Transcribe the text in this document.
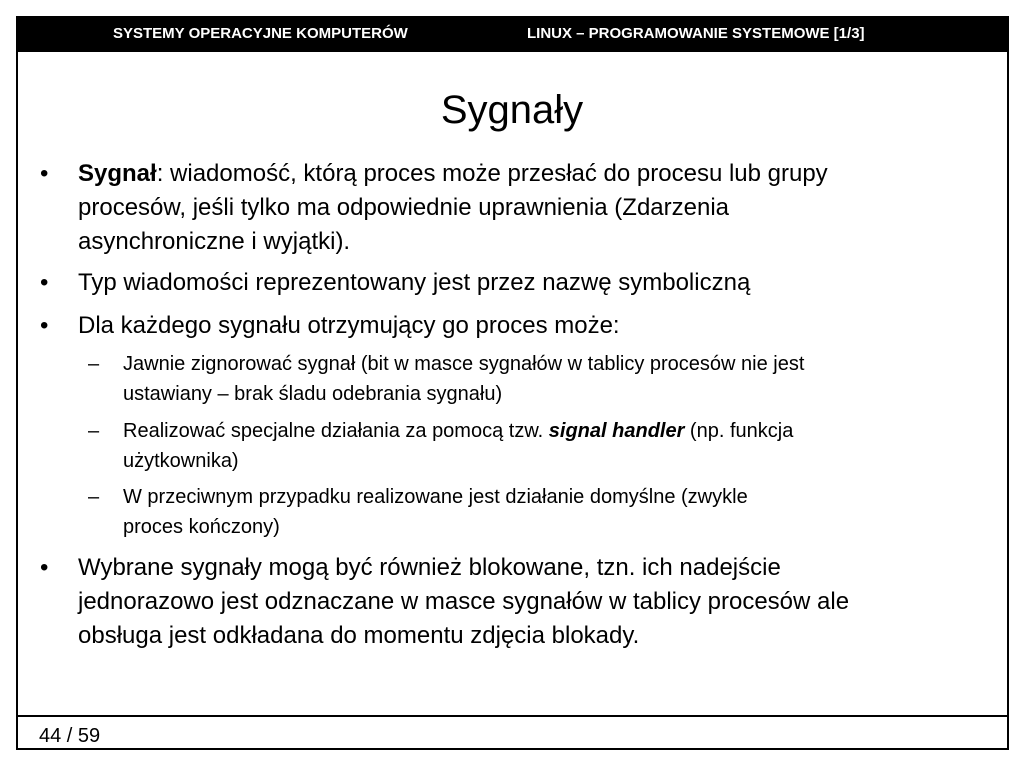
SYSTEMY OPERACYJNE KOMPUTERÓW	LINUX – PROGRAMOWANIE SYSTEMOWE [1/3]
Sygnały
• Sygnał: wiadomość, którą proces może przesłać do procesu lub grupy
procesów, jeśli tylko ma odpowiednie uprawnienia (Zdarzenia
asynchroniczne i wyjątki).
• Typ wiadomości reprezentowany jest przez nazwę symboliczną
• Dla każdego sygnału otrzymujący go proces może:
– Jawnie zignorować sygnał (bit w masce sygnałów w tablicy procesów nie jest
ustawiany – brak śladu odebrania sygnału)
– Realizować specjalne działania za pomocą tzw. signal handler (np. funkcja
użytkownika)
– W przeciwnym przypadku realizowane jest działanie domyślne (zwykle
proces kończony)
• Wybrane sygnały mogą być również blokowane, tzn. ich nadejście
jednorazowo jest odznaczane w masce sygnałów w tablicy procesów ale
obsługa jest odkładana do momentu zdjęcia blokady.
44 / 59
